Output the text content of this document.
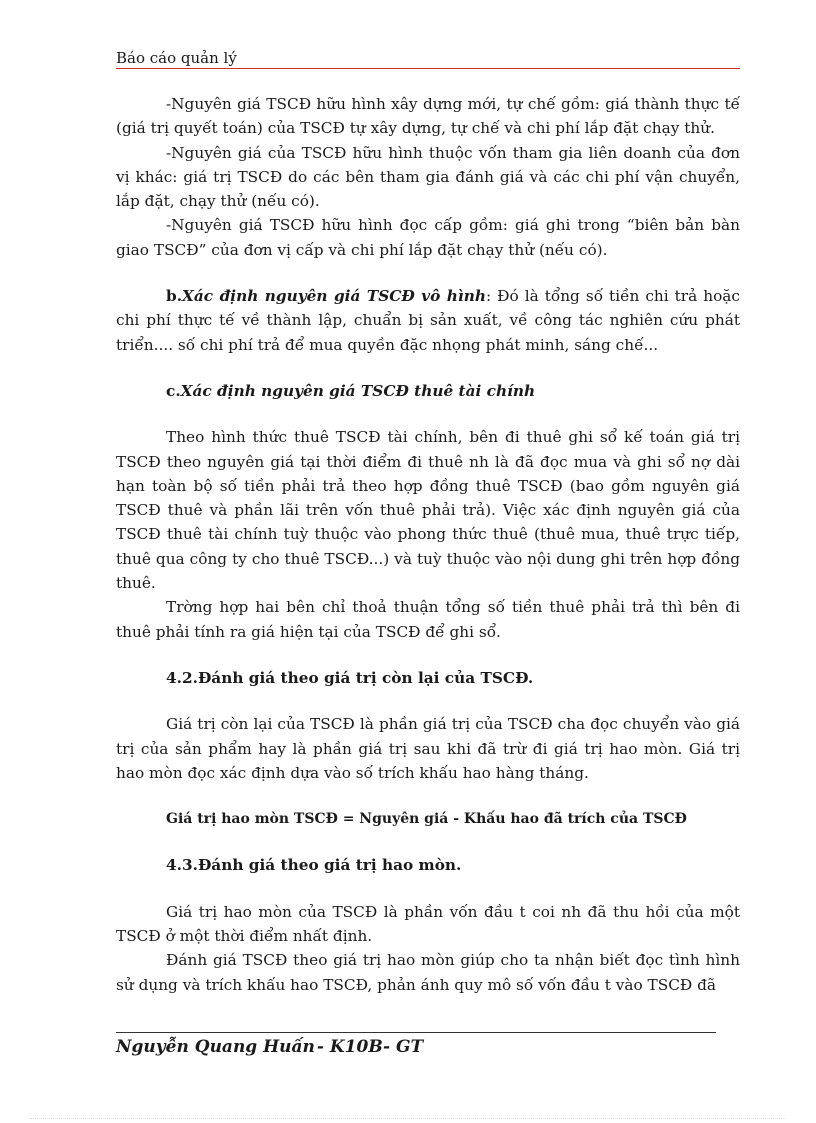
Báo cáo quản lý

-Nguyên giá TSCĐ hữu hình xây dựng mới, tự chế gồm: giá thành thực tế (giá trị quyết toán) của TSCĐ tự xây dựng, tự chế và chi phí lắp đặt chạy thử.

-Nguyên giá của TSCĐ hữu hình thuộc vốn tham gia liên doanh của đơn vị khác: giá trị TSCĐ do các bên tham gia đánh giá và các chi phí vận chuyển, lắp đặt, chạy thử (nếu có).

-Nguyên giá TSCĐ hữu hình đọc cấp gồm: giá ghi trong “biên bản bàn giao TSCĐ” của đơn vị cấp và chi phí lắp đặt chạy thử (nếu có).

b.Xác định nguyên giá TSCĐ vô hình: Đó là tổng số tiền chi trả hoặc chi phí thực tế về thành lập, chuẩn bị sản xuất, về công tác nghiên cứu phát triển.... số chi phí trả để mua quyền đặc nhọng phát minh, sáng chế...

c.Xác định nguyên giá TSCĐ thuê tài chính

Theo hình thức thuê TSCĐ tài chính, bên đi thuê ghi sổ kế toán giá trị TSCĐ theo nguyên giá tại thời điểm đi thuê nh là đã đọc mua và ghi sổ nợ dài hạn toàn bộ số tiền phải trả theo hợp đồng thuê TSCĐ (bao gồm nguyên giá TSCĐ thuê và phần lãi trên vốn thuê phải trả). Việc xác định nguyên giá của TSCĐ thuê tài chính tuỳ thuộc vào phong thức thuê (thuê mua, thuê trực tiếp, thuê qua công ty cho thuê TSCĐ...) và tuỳ thuộc vào nội dung ghi trên hợp đồng thuê.

Trờng hợp hai bên chỉ thoả thuận tổng số tiền thuê phải trả thì bên đi thuê phải tính ra giá hiện tại của TSCĐ để ghi sổ.

4.2.Đánh giá theo giá trị còn lại của TSCĐ.

Giá trị còn lại của TSCĐ là phần giá trị của TSCĐ cha đọc chuyển vào giá trị của sản phẩm hay là phần giá trị sau khi đã trừ đi giá trị hao mòn. Giá trị hao mòn đọc xác định dựa vào số trích khấu hao hàng tháng.

Giá trị hao mòn TSCĐ = Nguyên giá - Khấu hao đã trích của TSCĐ

4.3.Đánh giá theo giá trị hao mòn.

Giá trị hao mòn của TSCĐ là phần vốn đầu t coi nh đã thu hồi của một TSCĐ ở một thời điểm nhất định.

Đánh giá TSCĐ theo giá trị hao mòn giúp cho ta nhận biết đọc tình hình sử dụng và trích khấu hao TSCĐ, phản ánh quy mô số vốn đầu t vào TSCĐ đã

Nguyễn Quang Huấn - K10B- GT
